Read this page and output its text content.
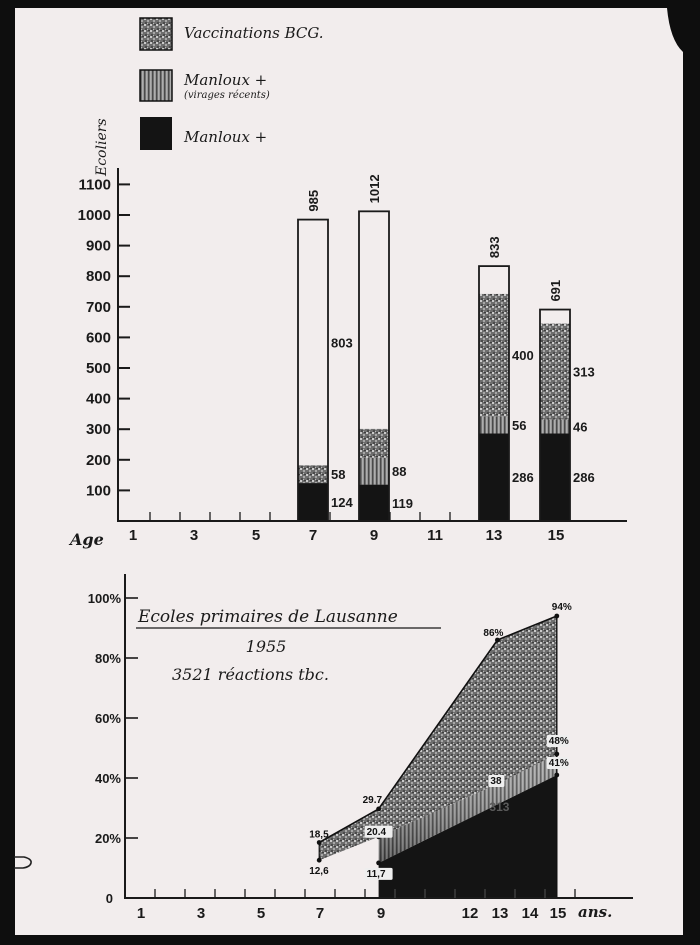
Vaccinations BCG.
Manloux +
(virages récents)
Manloux +
Ecoliers
1100
1000
900
800
700
600
500
400
300
200
100
1	3	5	7	9	11	13	15
124
58
803
985
119
88
1012
286
56
400
833
286
46
313
691
Age
100%
80%
60%
40%
20%
0
1	3	5	7	9	12 13 14 15 ans.
Ecoles primaires de Lausanne
1955
3521 réactions tbc.
18,5
12,6
29.7
20.4
11,7
86%
38
94%
48%
41%
313
